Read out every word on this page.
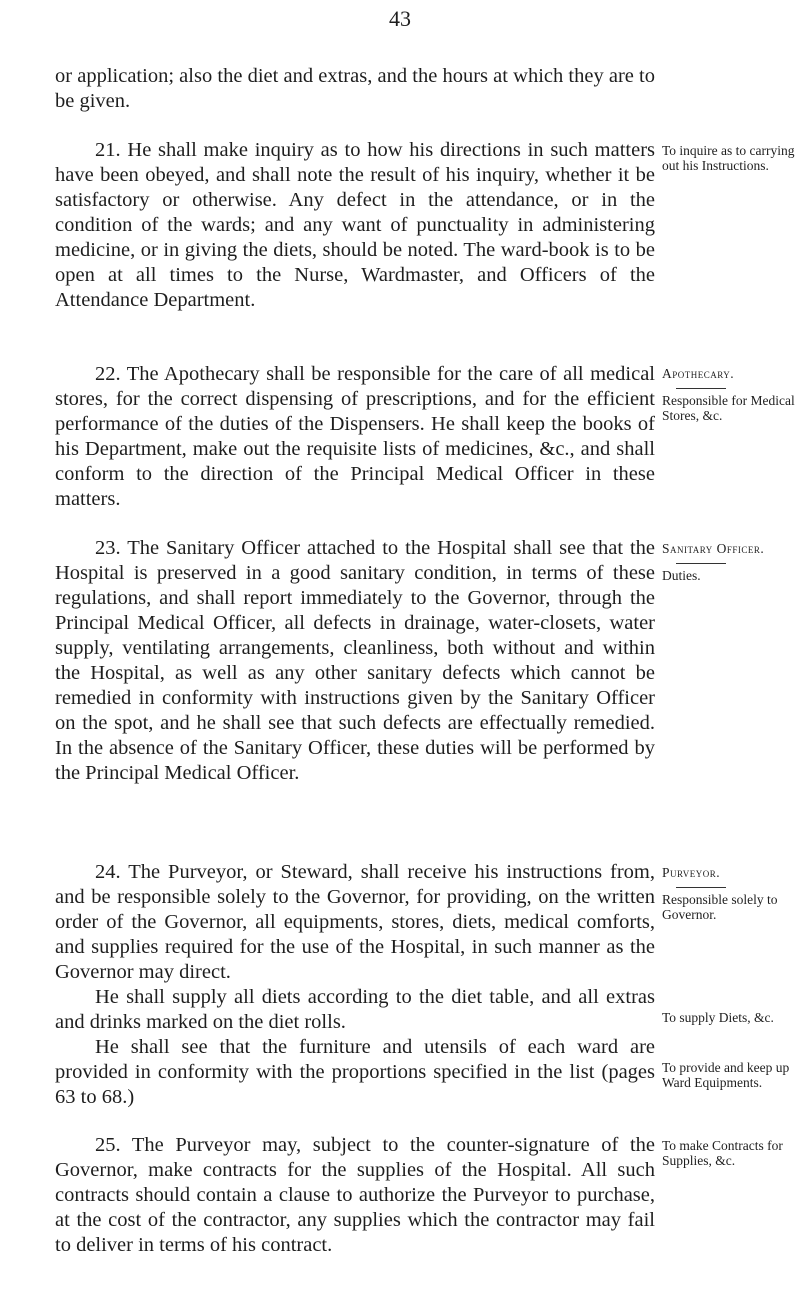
43

or application; also the diet and extras, and the hours at which they are to be given.

21. He shall make inquiry as to how his directions in such matters have been obeyed, and shall note the result of his inquiry, whether it be satisfactory or otherwise. Any defect in the attendance, or in the condition of the wards; and any want of punctuality in administering medicine, or in giving the diets, should be noted. The ward-book is to be open at all times to the Nurse, Wardmaster, and Officers of the Attendance Department.

To inquire as to carrying out his Instructions.

22. The Apothecary shall be responsible for the care of all medical stores, for the correct dispensing of prescriptions, and for the efficient performance of the duties of the Dispensers. He shall keep the books of his Department, make out the requisite lists of medicines, &c., and shall conform to the direction of the Principal Medical Officer in these matters.

Apothecary.
Responsible for Medical Stores, &c.

23. The Sanitary Officer attached to the Hospital shall see that the Hospital is preserved in a good sanitary condition, in terms of these regulations, and shall report immediately to the Governor, through the Principal Medical Officer, all defects in drainage, water-closets, water supply, ventilating arrangements, cleanliness, both without and within the Hospital, as well as any other sanitary defects which cannot be remedied in conformity with instructions given by the Sanitary Officer on the spot, and he shall see that such defects are effectually remedied. In the absence of the Sanitary Officer, these duties will be performed by the Principal Medical Officer.

Sanitary Officer.
Duties.

24. The Purveyor, or Steward, shall receive his instructions from, and be responsible solely to the Governor, for providing, on the written order of the Governor, all equipments, stores, diets, medical comforts, and supplies required for the use of the Hospital, in such manner as the Governor may direct.

He shall supply all diets according to the diet table, and all extras and drinks marked on the diet rolls.

He shall see that the furniture and utensils of each ward are provided in conformity with the proportions specified in the list (pages 63 to 68.)

Purveyor.
Responsible solely to Governor.
To supply Diets, &c.
To provide and keep up Ward Equipments.

25. The Purveyor may, subject to the counter-signature of the Governor, make contracts for the supplies of the Hospital. All such contracts should contain a clause to authorize the Purveyor to purchase, at the cost of the contractor, any supplies which the contractor may fail to deliver in terms of his contract.

To make Contracts for Supplies, &c.
